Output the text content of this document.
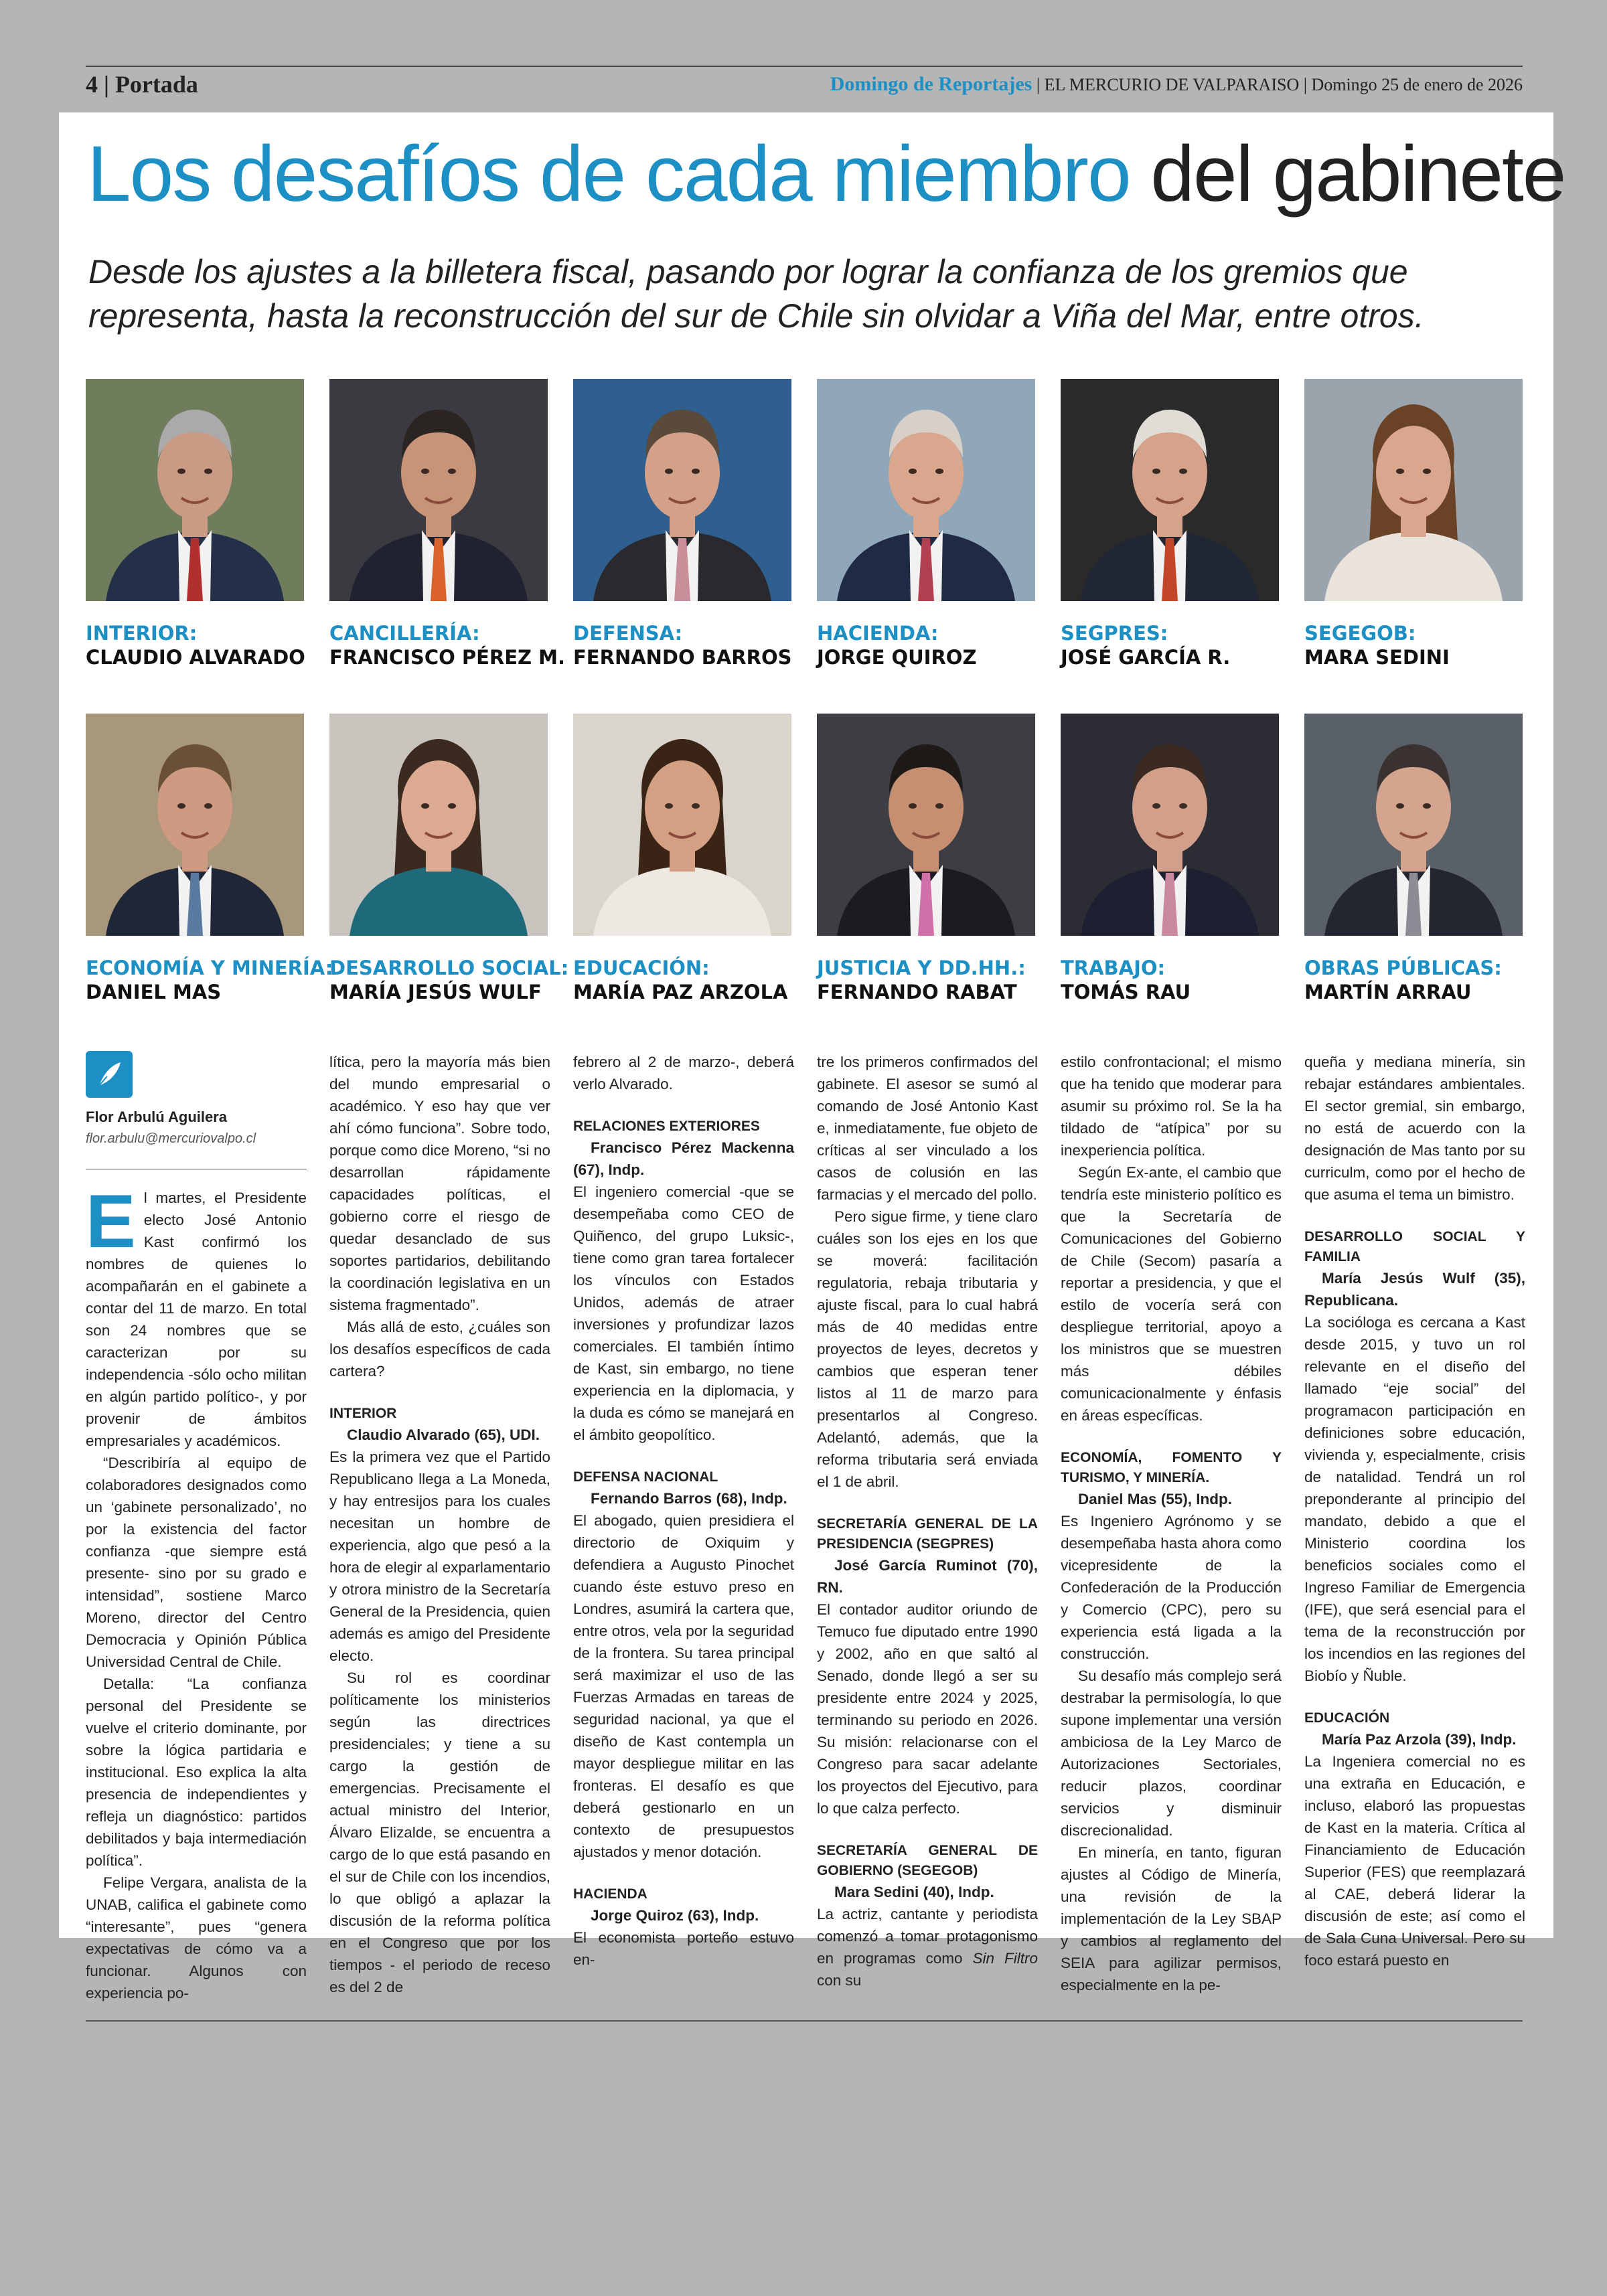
4 | Portada	Domingo de Reportajes | EL MERCURIO DE VALPARAISO | Domingo 25 de enero de 2026
Los desafíos de cada miembro del gabinete
Desde los ajustes a la billetera fiscal, pasando por lograr la confianza de los gremios que representa, hasta la reconstrucción del sur de Chile sin olvidar a Viña del Mar, entre otros.
INTERIOR:
CLAUDIO ALVARADO
CANCILLERÍA:
FRANCISCO PÉREZ M.
DEFENSA:
FERNANDO BARROS
HACIENDA:
JORGE QUIROZ
SEGPRES:
JOSÉ GARCÍA R.
SEGEGOB:
MARA SEDINI
ECONOMÍA Y MINERÍA:
DANIEL MAS
DESARROLLO SOCIAL:
MARÍA JESÚS WULF
EDUCACIÓN:
MARÍA PAZ ARZOLA
JUSTICIA Y DD.HH.:
FERNANDO RABAT
TRABAJO:
TOMÁS RAU
OBRAS PÚBLICAS:
MARTÍN ARRAU
Flor Arbulú Aguilera
flor.arbulu@mercuriovalpo.cl

El martes, el Presidente electo José Antonio Kast confirmó los nombres de quienes lo acompañarán en el gabinete a contar del 11 de marzo. En total son 24 nombres que se caracterizan por su independencia -sólo ocho militan en algún partido político-, y por provenir de ámbitos empresariales y académicos.

“Describiría al equipo de colaboradores designados como un ‘gabinete personalizado’, no por la existencia del factor confianza -que siempre está presente- sino por su grado e intensidad”, sostiene Marco Moreno, director del Centro Democracia y Opinión Pública Universidad Central de Chile.

Detalla: “La confianza personal del Presidente se vuelve el criterio dominante, por sobre la lógica partidaria e institucional. Eso explica la alta presencia de independientes y refleja un diagnóstico: partidos debilitados y baja intermediación política”.

Felipe Vergara, analista de la UNAB, califica el gabinete como “interesante”, pues “genera expectativas de cómo va a funcionar. Algunos con experiencia po-

lítica, pero la mayoría más bien del mundo empresarial o académico. Y eso hay que ver ahí cómo funciona”. Sobre todo, porque como dice Moreno, “si no desarrollan rápidamente capacidades políticas, el gobierno corre el riesgo de quedar desanclado de sus soportes partidarios, debilitando la coordinación legislativa en un sistema fragmentado”.

Más allá de esto, ¿cuáles son los desafíos específicos de cada cartera?

INTERIOR

Claudio Alvarado (65), UDI.

Es la primera vez que el Partido Republicano llega a La Moneda, y hay entresijos para los cuales necesitan un hombre de experiencia, algo que pesó a la hora de elegir al exparlamentario y otrora ministro de la Secretaría General de la Presidencia, quien además es amigo del Presidente electo.

Su rol es coordinar políticamente los ministerios según las directrices presidenciales; y tiene a su cargo la gestión de emergencias. Precisamente el actual ministro del Interior, Álvaro Elizalde, se encuentra a cargo de lo que está pasando en el sur de Chile con los incendios, lo que obligó a aplazar la discusión de la reforma política en el Congreso que por los tiempos - el periodo de receso es del 2 de

febrero al 2 de marzo-, deberá verlo Alvarado.

RELACIONES EXTERIORES

Francisco Pérez Mackenna (67), Indp.

El ingeniero comercial -que se desempeñaba como CEO de Quiñenco, del grupo Luksic-, tiene como gran tarea fortalecer los vínculos con Estados Unidos, además de atraer inversiones y profundizar lazos comerciales. El también íntimo de Kast, sin embargo, no tiene experiencia en la diplomacia, y la duda es cómo se manejará en el ámbito geopolítico.

DEFENSA NACIONAL

Fernando Barros (68), Indp.

El abogado, quien presidiera el directorio de Oxiquim y defendiera a Augusto Pinochet cuando éste estuvo preso en Londres, asumirá la cartera que, entre otros, vela por la seguridad de la frontera. Su tarea principal será maximizar el uso de las Fuerzas Armadas en tareas de seguridad nacional, ya que el diseño de Kast contempla un mayor despliegue militar en las fronteras. El desafío es que deberá gestionarlo en un contexto de presupuestos ajustados y menor dotación.

HACIENDA

Jorge Quiroz (63), Indp.

El economista porteño estuvo en-

tre los primeros confirmados del gabinete. El asesor se sumó al comando de José Antonio Kast e, inmediatamente, fue objeto de críticas al ser vinculado a los casos de colusión en las farmacias y el mercado del pollo.

Pero sigue firme, y tiene claro cuáles son los ejes en los que se moverá: facilitación regulatoria, rebaja tributaria y ajuste fiscal, para lo cual habrá más de 40 medidas entre proyectos de leyes, decretos y cambios que esperan tener listos al 11 de marzo para presentarlos al Congreso. Adelantó, además, que la reforma tributaria será enviada el 1 de abril.

SECRETARÍA GENERAL DE LA PRESIDENCIA (SEGPRES)

José García Ruminot (70), RN.

El contador auditor oriundo de Temuco fue diputado entre 1990 y 2002, año en que saltó al Senado, donde llegó a ser su presidente entre 2024 y 2025, terminando su periodo en 2026. Su misión: relacionarse con el Congreso para sacar adelante los proyectos del Ejecutivo, para lo que calza perfecto.

SECRETARÍA GENERAL DE GOBIERNO (SEGEGOB)

Mara Sedini (40), Indp.

La actriz, cantante y periodista comenzó a tomar protagonismo en programas como Sin Filtro con su

estilo confrontacional; el mismo que ha tenido que moderar para asumir su próximo rol. Se la ha tildado de “atípica” por su inexperiencia política.

Según Ex-ante, el cambio que tendría este ministerio político es que la Secretaría de Comunicaciones del Gobierno de Chile (Secom) pasaría a reportar a presidencia, y que el estilo de vocería será con despliegue territorial, apoyo a los ministros que se muestren más débiles comunicacionalmente y énfasis en áreas específicas.

ECONOMÍA, FOMENTO Y TURISMO, Y MINERÍA.

Daniel Mas (55), Indp.

Es Ingeniero Agrónomo y se desempeñaba hasta ahora como vicepresidente de la Confederación de la Producción y Comercio (CPC), pero su experiencia está ligada a la construcción.

Su desafío más complejo será destrabar la permisología, lo que supone implementar una versión ambiciosa de la Ley Marco de Autorizaciones Sectoriales, reducir plazos, coordinar servicios y disminuir discrecionalidad.

En minería, en tanto, figuran ajustes al Código de Minería, una revisión de la implementación de la Ley SBAP y cambios al reglamento del SEIA para agilizar permisos, especialmente en la pe-

queña y mediana minería, sin rebajar estándares ambientales. El sector gremial, sin embargo, no está de acuerdo con la designación de Mas tanto por su curriculm, como por el hecho de que asuma el tema un bimistro.

DESARROLLO SOCIAL Y FAMILIA

María Jesús Wulf (35), Republicana.

La socióloga es cercana a Kast desde 2015, y tuvo un rol relevante en el diseño del llamado “eje social” del programacon participación en definiciones sobre educación, vivienda y, especialmente, crisis de natalidad. Tendrá un rol preponderante al principio del mandato, debido a que el Ministerio coordina los beneficios sociales como el Ingreso Familiar de Emergencia (IFE), que será esencial para el tema de la reconstrucción por los incendios en las regiones del Biobío y Ñuble.

EDUCACIÓN

María Paz Arzola (39), Indp.

La Ingeniera comercial no es una extraña en Educación, e incluso, elaboró las propuestas de Kast en la materia. Crítica al Financiamiento de Educación Superior (FES) que reemplazará al CAE, deberá liderar la discusión de este; así como el de Sala Cuna Universal. Pero su foco estará puesto en
